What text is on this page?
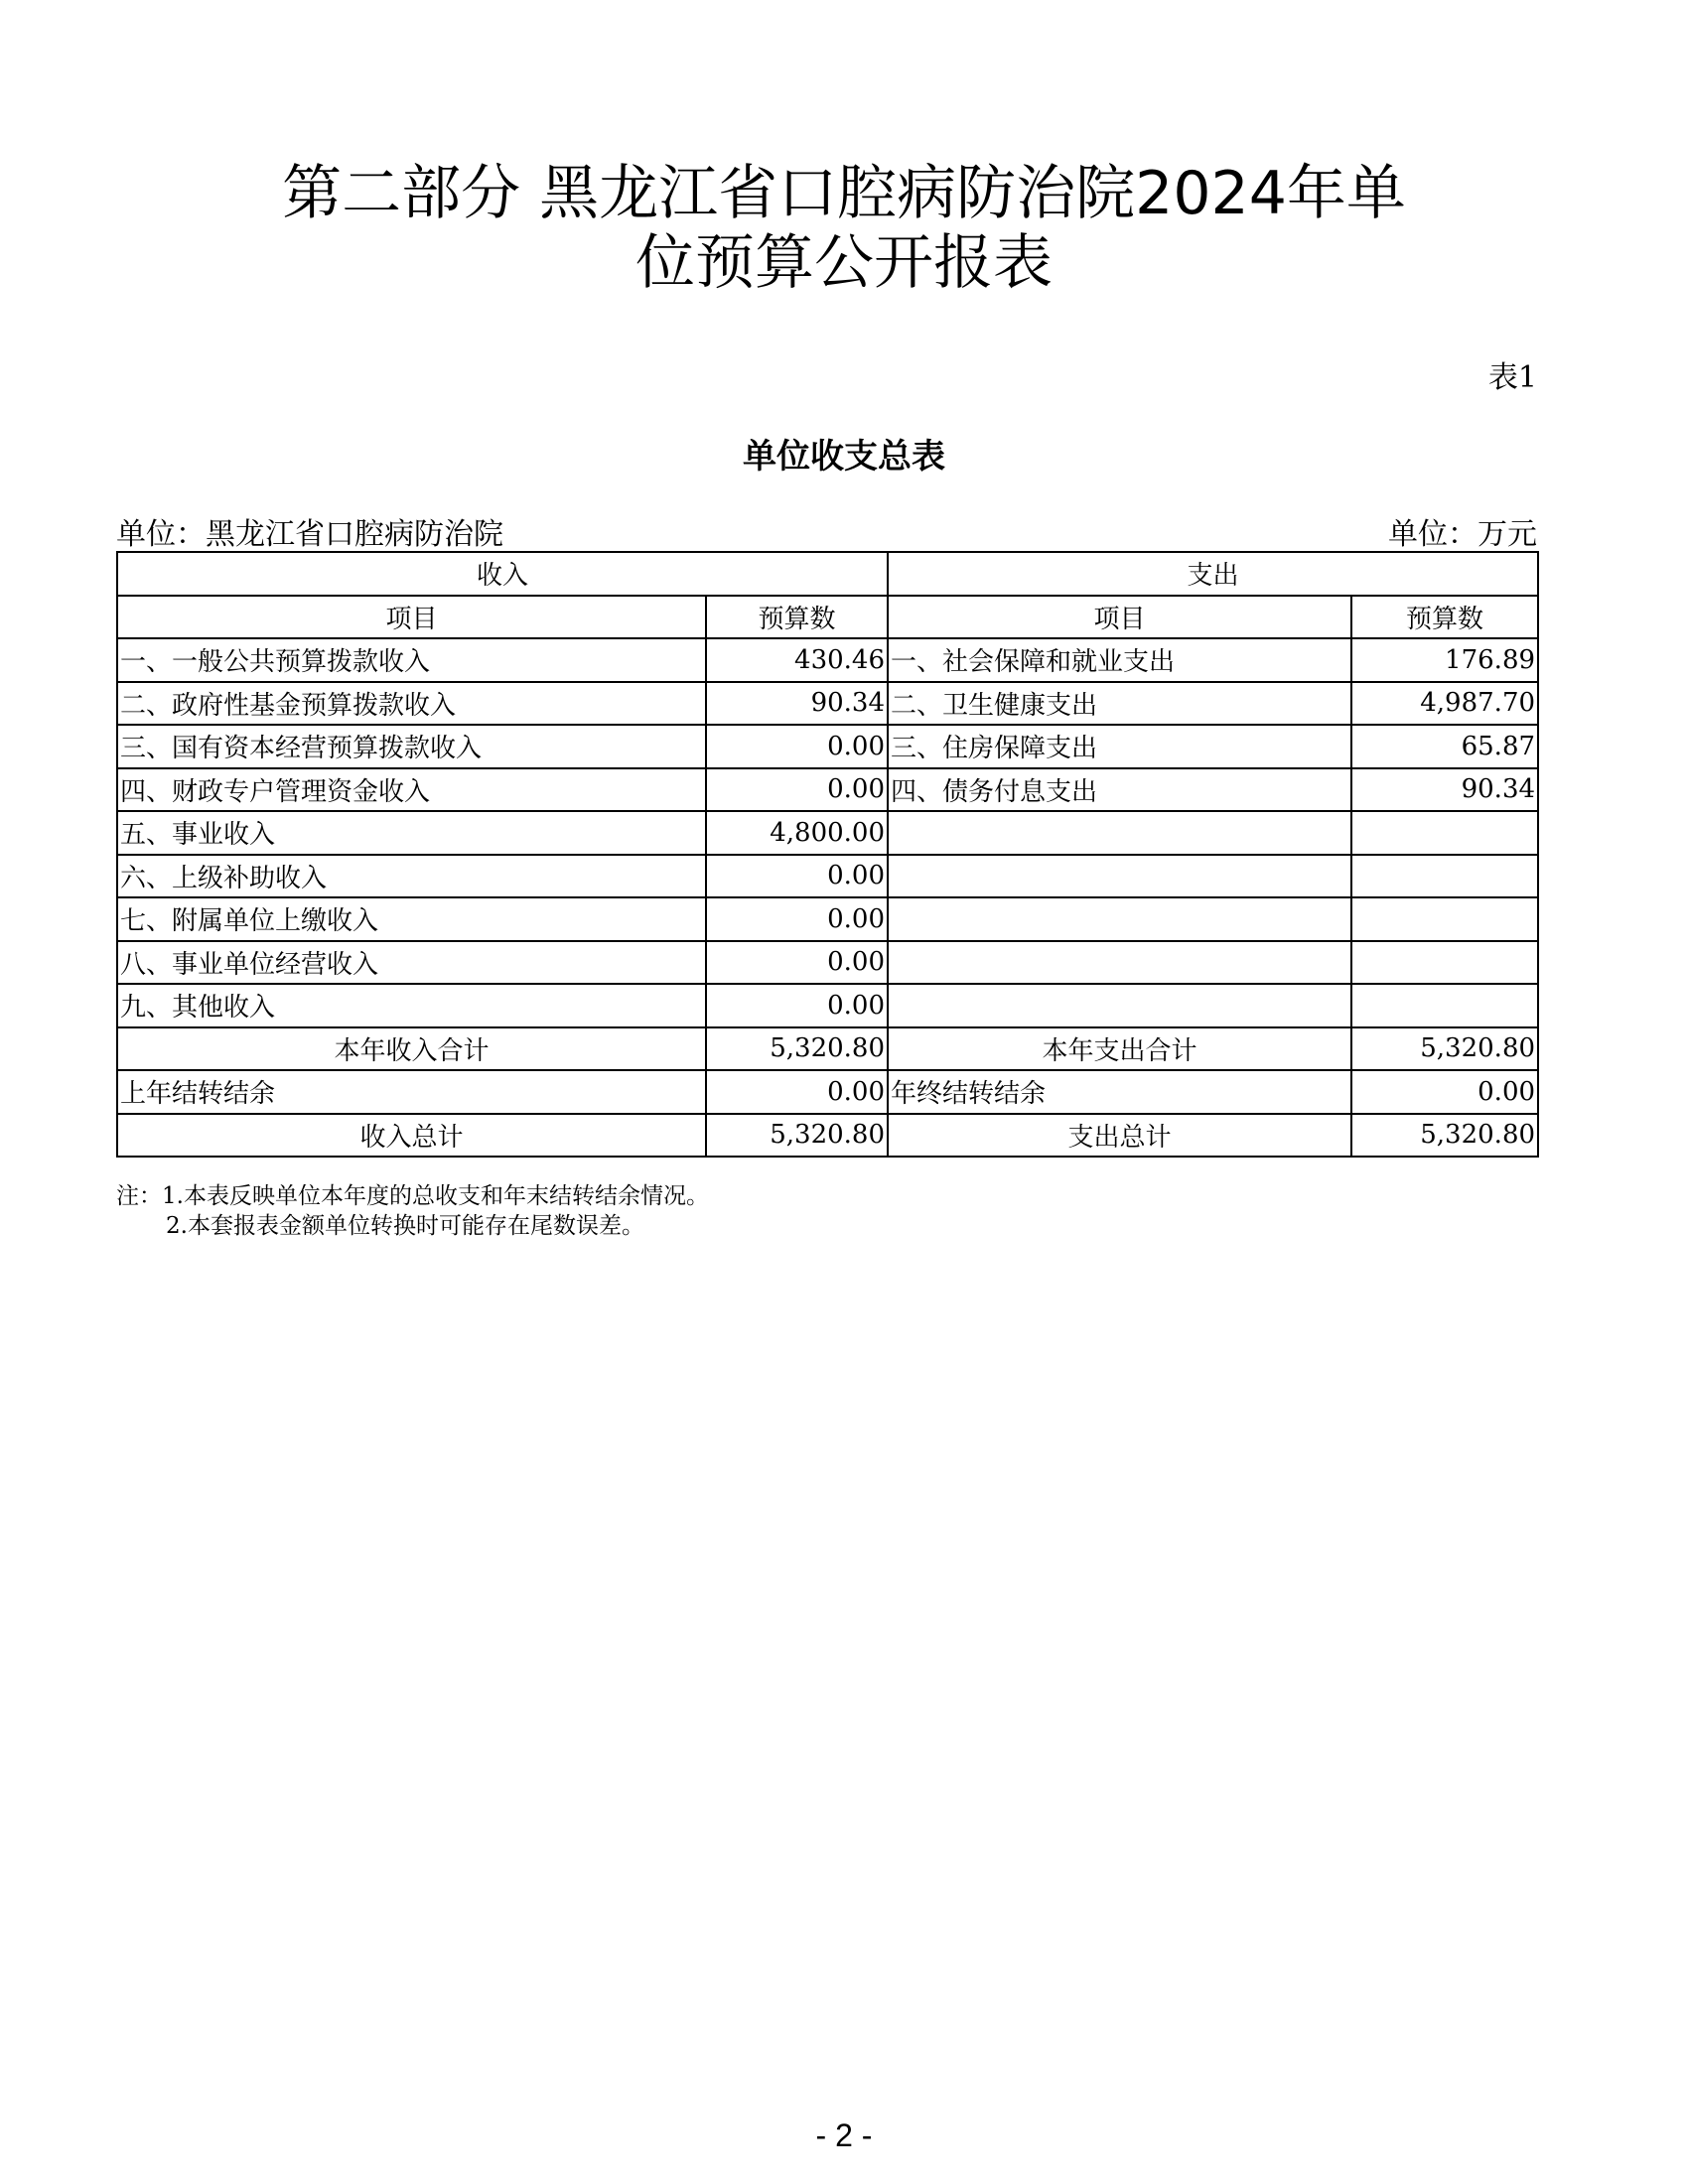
第二部分 黑龙江省口腔病防治院2024年单
位预算公开报表
表1
单位收支总表
单位：黑龙江省口腔病防治院	单位：万元
收入		支出	
项目	预算数	项目	预算数
一、一般公共预算拨款收入	430.46	一、社会保障和就业支出	176.89
二、政府性基金预算拨款收入	90.34	二、卫生健康支出	4,987.70
三、国有资本经营预算拨款收入	0.00	三、住房保障支出	65.87
四、财政专户管理资金收入	0.00	四、债务付息支出	90.34
五、事业收入	4,800.00		
六、上级补助收入	0.00		
七、附属单位上缴收入	0.00		
八、事业单位经营收入	0.00		
九、其他收入	0.00		
本年收入合计	5,320.80	本年支出合计	5,320.80
上年结转结余	0.00	年终结转结余	0.00
收入总计	5,320.80	支出总计	5,320.80
注：1.本表反映单位本年度的总收支和年末结转结余情况。
2.本套报表金额单位转换时可能存在尾数误差。
- 2 -
